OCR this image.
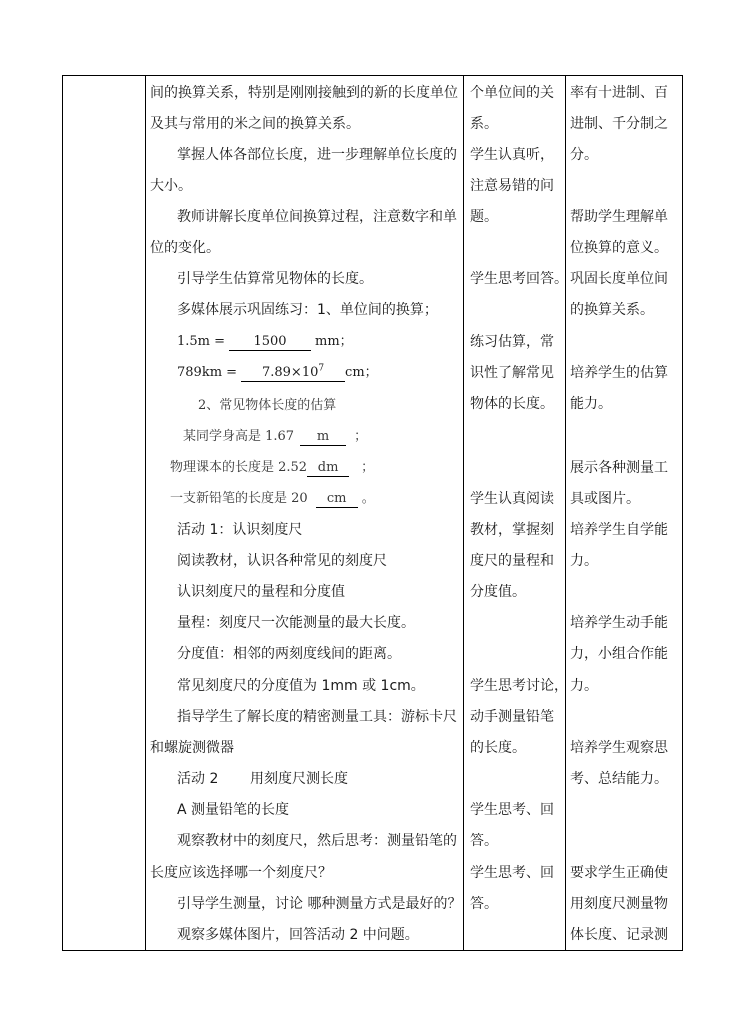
间的换算关系，特别是刚刚接触到的新的长度单位
及其与常用的米之间的换算关系。
掌握人体各部位长度，进一步理解单位长度的
大小。
教师讲解长度单位间换算过程，注意数字和单
位的变化。
引导学生估算常见物体的长度。
多媒体展示巩固练习：1、单位间的换算；
1.5m = 1500 mm；
$789km = 7.89\times 10^7$ cm；
2、常见物体长度的估算
某同学身高是 1.67 m ；
物理课本的长度是 2.52 dm ；
一支新铅笔的长度是 20 cm 。
活动 1：认识刻度尺
阅读教材，认识各种常见的刻度尺
认识刻度尺的量程和分度值
量程：刻度尺一次能测量的最大长度。
分度值：相邻的两刻度线间的距离。
常见刻度尺的分度值为 1mm 或 1cm。
指导学生了解长度的精密测量工具：游标卡尺
和螺旋测微器
活动 2 用刻度尺测长度
A 测量铅笔的长度
观察教材中的刻度尺，然后思考：测量铅笔的
长度应该选择哪一个刻度尺？
引导学生测量，讨论 哪种测量方式是最好的？
观察多媒体图片，回答活动 2 中问题。
个单位间的关
系。
学生认真听，
注意易错的问
题。
学生思考回答。
练习估算，常
识性了解常见
物体的长度。
学生认真阅读
教材，掌握刻
度尺的量程和
分度值。
学生思考讨论，
动手测量铅笔
的长度。
学生思考、回
答。
学生思考、回
答。
率有十进制、百
进制、千分制之
分。
帮助学生理解单
位换算的意义。
巩固长度单位间
的换算关系。
培养学生的估算
能力。
展示各种测量工
具或图片。
培养学生自学能
力。
培养学生动手能
力，小组合作能
力。
培养学生观察思
考、总结能力。
要求学生正确使
用刻度尺测量物
体长度、记录测
